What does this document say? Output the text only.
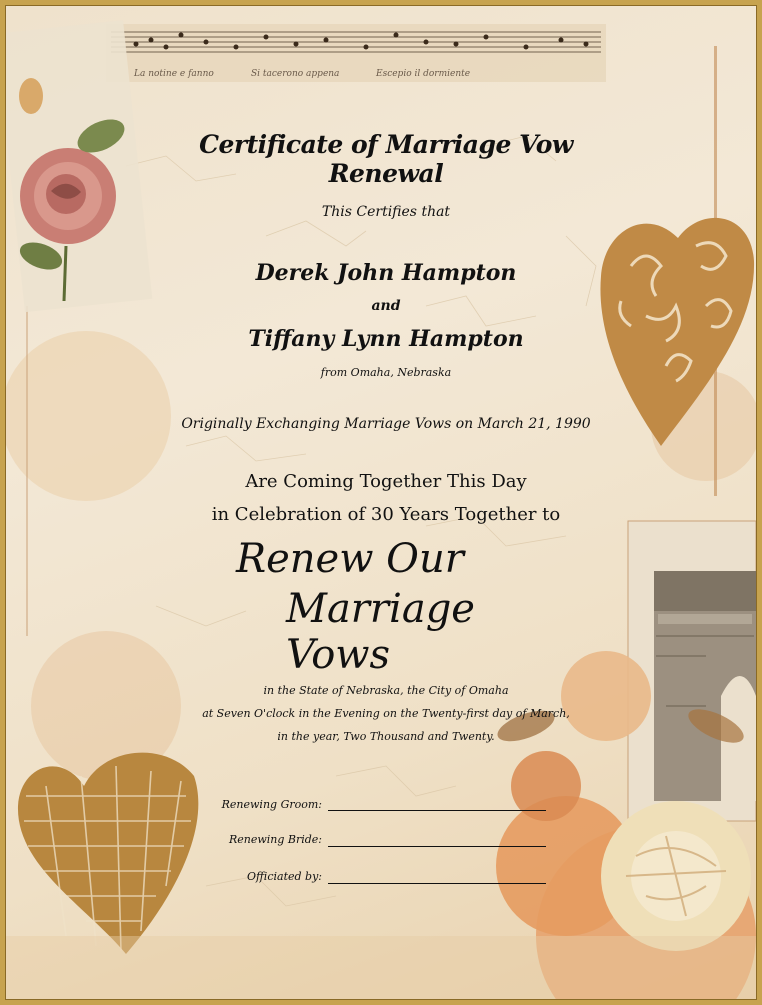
La notine e fanno	Si tacerono appena	Escepio il dormiente
Certificate of Marriage Vow Renewal
This Certifies that
Derek John Hampton
and
Tiffany Lynn Hampton
from Omaha, Nebraska
Originally Exchanging Marriage Vows on March 21, 1990
Are Coming Together This Day
in Celebration of 30 Years Together to
Renew Our
Marriage Vows
in the State of Nebraska, the City of Omaha
at Seven O'clock in the Evening on the Twenty-first day of March,
in the year, Two Thousand and Twenty.
Renewing Groom:
Renewing Bride:
Officiated by:
